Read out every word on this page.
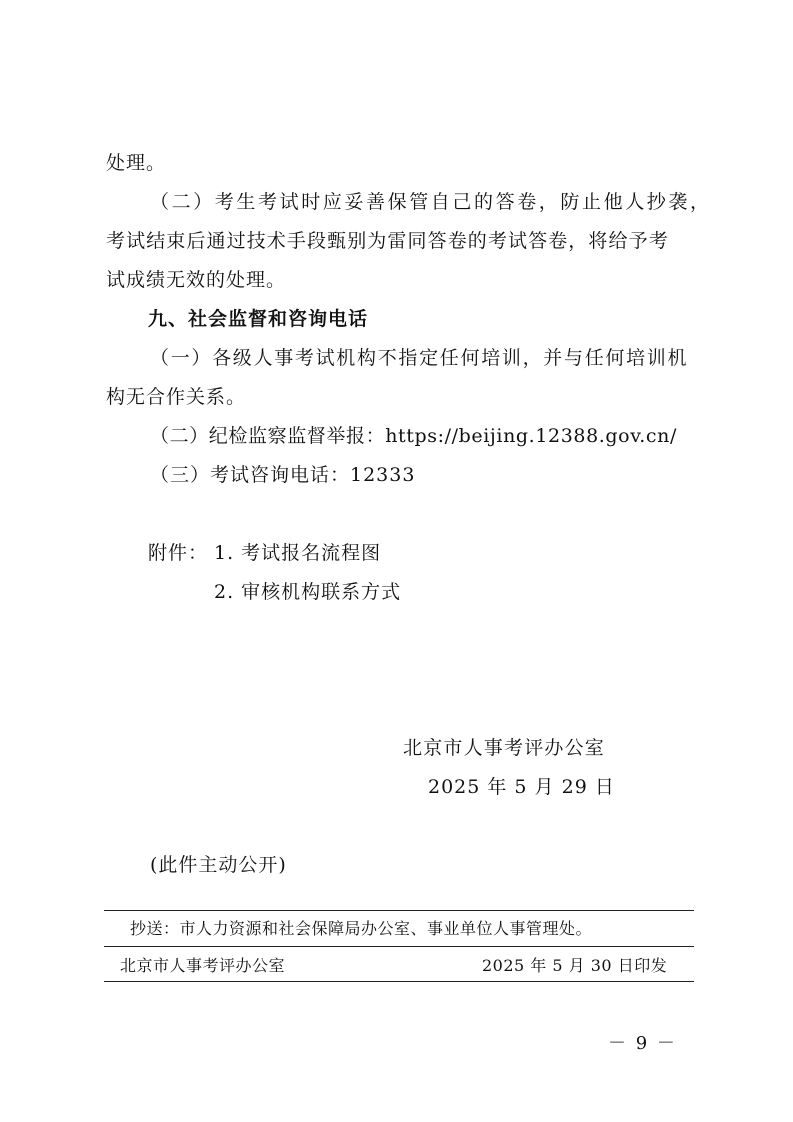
处理。
（二）考生考试时应妥善保管自己的答卷，防止他人抄袭，
考试结束后通过技术手段甄别为雷同答卷的考试答卷，将给予考
试成绩无效的处理。
九、社会监督和咨询电话
（一）各级人事考试机构不指定任何培训，并与任何培训机
构无合作关系。
（二）纪检监察监督举报：https://beijing.12388.gov.cn/
（三）考试咨询电话：12333
附件： 1. 考试报名流程图
2. 审核机构联系方式
北京市人事考评办公室
2025 年 5 月 29 日
(此件主动公开)
抄送：市人力资源和社会保障局办公室、事业单位人事管理处。
北京市人事考评办公室	2025 年 5 月 30 日印发
－ 9 －
